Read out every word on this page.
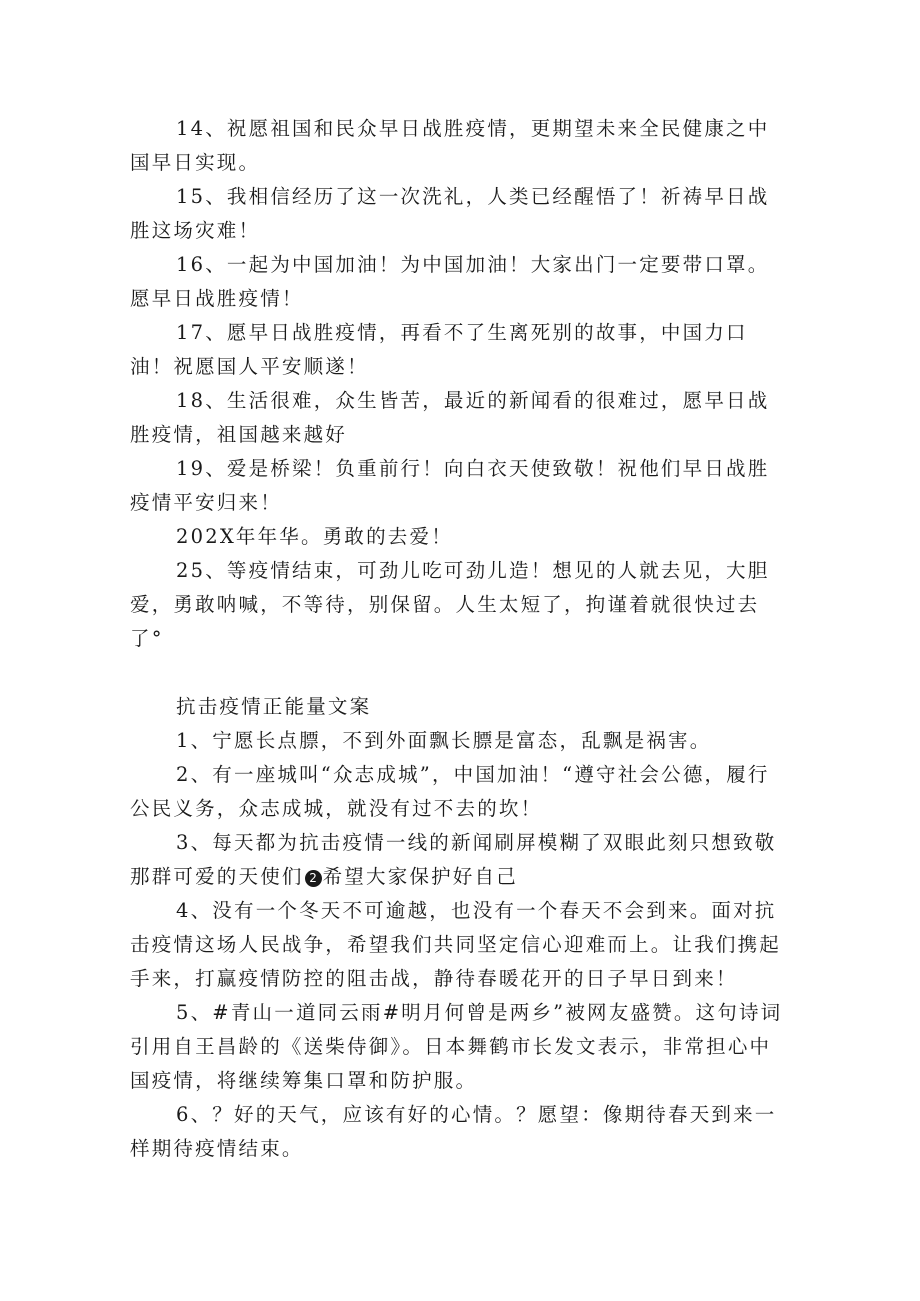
14、祝愿祖国和民众早日战胜疫情，更期望未来全民健康之中国早日实现。

15、我相信经历了这一次洗礼，人类已经醒悟了！祈祷早日战胜这场灾难！

16、一起为中国加油！为中国加油！大家出门一定要带口罩。愿早日战胜疫情！

17、愿早日战胜疫情，再看不了生离死别的故事，中国力口油！祝愿国人平安顺遂！

18、生活很难，众生皆苦，最近的新闻看的很难过，愿早日战胜疫情，祖国越来越好

19、爱是桥梁！负重前行！向白衣天使致敬！祝他们早日战胜疫情平安归来！

202X年年华。勇敢的去爱！

25、等疫情结束，可劲儿吃可劲儿造！想见的人就去见，大胆爱，勇敢呐喊，不等待，别保留。人生太短了，拘谨着就很快过去了°

抗击疫情正能量文案

1、宁愿长点膘，不到外面飘长膘是富态，乱飘是祸害。

2、有一座城叫“众志成城”，中国加油！“遵守社会公德，履行公民义务，众志成城，就没有过不去的坎！

3、每天都为抗击疫情一线的新闻刷屏模糊了双眼此刻只想致敬那群可爱的天使们 2 希望大家保护好自己

4、没有一个冬天不可逾越，也没有一个春天不会到来。面对抗击疫情这场人民战争，希望我们共同坚定信心迎难而上。让我们携起手来，打赢疫情防控的阻击战，静待春暖花开的日子早日到来！

5、#青山一道同云雨#明月何曾是两乡”被网友盛赞。这句诗词引用自王昌龄的《送柴侍御》。日本舞鹤市长发文表示，非常担心中国疫情，将继续筹集口罩和防护服。

6、？好的天气，应该有好的心情。？愿望：像期待春天到来一样期待疫情结束。
